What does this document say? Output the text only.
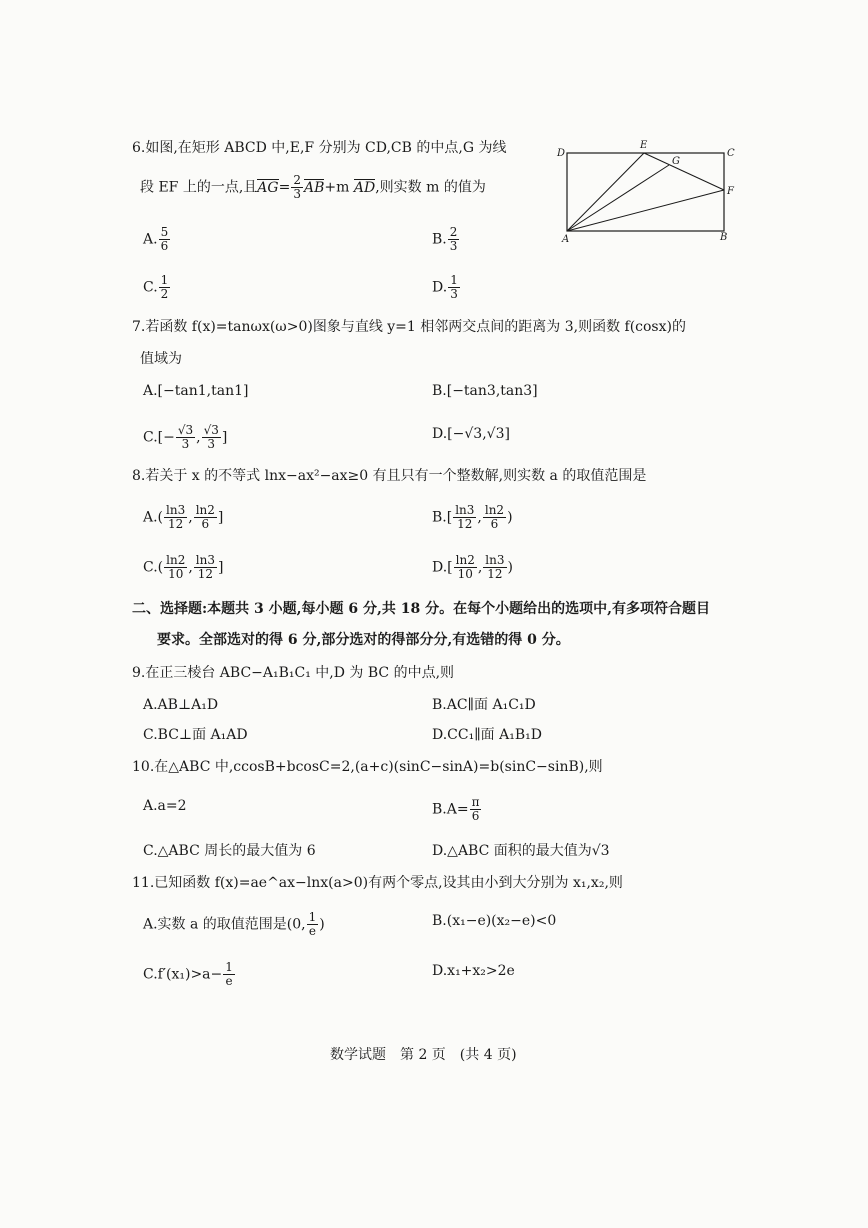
6.如图,在矩形 ABCD 中,E,F 分别为 CD,CB 的中点,G 为线
段 EF 上的一点,且$AG= \frac{2}{3} AB+m$ AD,则实数 m 的值为
A. $\frac{5}{6}$	B. $\frac{2}{3}$
C. $\frac{1}{2}$	D. $\frac{1}{3}$
D
E
C
G
F
A	B
7.若函数 f(x)=tanωx(ω>0)图象与直线 y=1 相邻两交点间的距离为 3,则函数 f(cosx)的
值域为
A.[−tan1,tan1]	B.[−tan3,tan3]
$C.[- \frac{√3}{3}$ , $\frac{√3}{3}$ ]	D.[−√3,√3]
8.若关于 x 的不等式 lnx−ax²−ax≥0 有且只有一个整数解,则实数 a 的取值范围是
$A.( \frac{\ln 3}{12}$ , $\frac{\ln 2}{6}$ ]	$B.[ \frac{\ln 3}{12}$ , $\frac{\ln 2}{6}$ )
$C.( \frac{\ln 2}{10}$ , $\frac{\ln 3}{12}$ ]	$D.[ \frac{\ln 2}{10}$ , $\frac{\ln 3}{12}$ )
二、选择题:本题共 3 小题,每小题 6 分,共 18 分。在每个小题给出的选项中,有多项符合题目
要求。全部选对的得 6 分,部分选对的得部分分,有选错的得 0 分。
9.在正三棱台 ABC−A₁B₁C₁ 中,D 为 BC 的中点,则
A.AB⊥A₁D	B.AC∥面 A₁C₁D
C.BC⊥面 A₁AD	D.CC₁∥面 A₁B₁D
10.在△ABC 中,ccosB+bcosC=2,(a+c)(sinC−sinA)=b(sinC−sinB),则
A.a=2	$B.A= \frac{\pi}{6}$
C.△ABC 周长的最大值为 6	D.△ABC 面积的最大值为√3
11.已知函数 f(x)=ae^ax−lnx(a>0)有两个零点,设其由小到大分别为 x₁,x₂,则
A.实数 a 的取值范围是(0, $\frac{1}{e}$ )	B.(x₁−e)(x₂−e)<0
$C.f'(x_1)>a- \frac{1}{e}$	D.x₁+x₂>2e
数学试题　第 2 页　(共 4 页)
